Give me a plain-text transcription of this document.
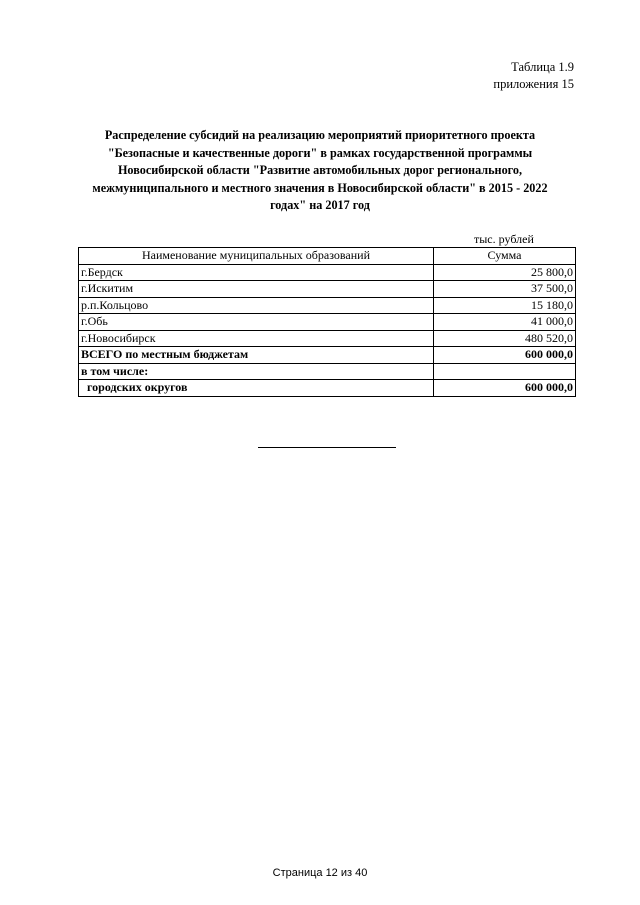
Таблица 1.9
приложения 15
Распределение субсидий на реализацию мероприятий приоритетного проекта
"Безопасные и качественные дороги" в рамках государственной программы
Новосибирской области "Развитие автомобильных дорог регионального,
межмуниципального и местного значения в Новосибирской области" в 2015 - 2022
годах" на 2017 год
тыс. рублей
Наименование муниципальных образований	Сумма
г.Бердск	25 800,0
г.Искитим	37 500,0
р.п.Кольцово	15 180,0
г.Обь	41 000,0
г.Новосибирск	480 520,0
ВСЕГО по местным бюджетам	600 000,0
в том числе:	
городских округов	600 000,0
Страница 12 из 40
